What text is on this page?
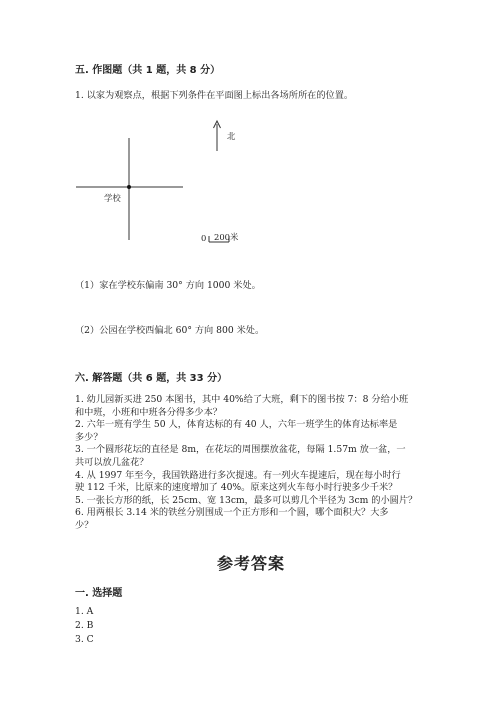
五. 作图题（共 1 题，共 8 分）
1. 以家为观察点，根据下列条件在平面图上标出各场所所在的位置。
北
学校
0 200米
（1）家在学校东偏南 30° 方向 1000 米处。
（2）公园在学校西偏北 60° 方向 800 米处。
六. 解答题（共 6 题，共 33 分）
1. 幼儿园新买进 250 本图书，其中 40%给了大班，剩下的图书按 7：8 分给小班
和中班，小班和中班各分得多少本？
2. 六年一班有学生 50 人，体育达标的有 40 人，六年一班学生的体育达标率是
多少？
3. 一个圆形花坛的直径是 8m，在花坛的周围摆放盆花，每隔 1.57m 放一盆，一
共可以放几盆花？
4. 从 1997 年至今，我国铁路进行多次提速。有一列火车提速后，现在每小时行
驶 112 千米，比原来的速度增加了 40%。原来这列火车每小时行驶多少千米？
5. 一张长方形的纸，长 25cm、宽 13cm，最多可以剪几个半径为 3cm 的小圆片？
6. 用两根长 3.14 米的铁丝分别围成一个正方形和一个圆，哪个面积大？大多
少？
参考答案
一. 选择题
1. A
2. B
3. C
